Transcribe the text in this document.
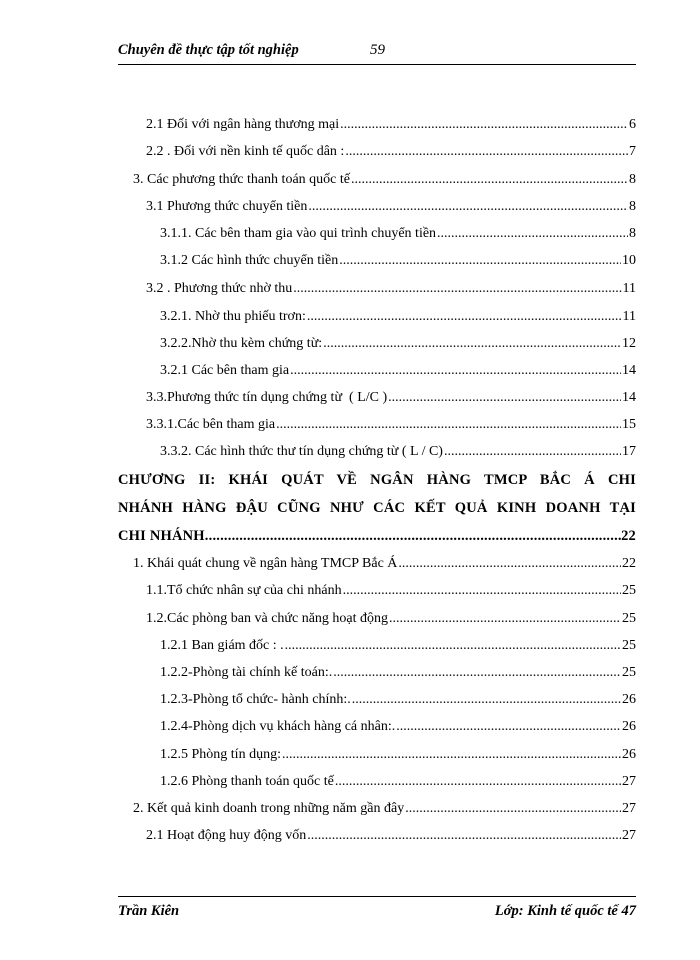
Chuyên đề thực tập tốt nghiệp	59
2.1 Đối với ngân hàng thương mại .....	6
2.2 . Đối với nền kinh tế quốc dân : .....	7
3. Các phương thức thanh toán quốc tế .....	8
3.1 Phương thức chuyển tiền .....	8
3.1.1. Các bên tham gia vào qui trình chuyển tiền .....	8
3.1.2 Các hình thức chuyển tiền .....	10
3.2 . Phương thức nhờ thu .....	11
3.2.1. Nhờ thu phiếu trơn: .....	11
3.2.2.Nhờ thu kèm chứng từ: .....	12
3.2.1 Các bên tham gia .....	14
3.3.Phương thức tín dụng chứng từ  ( L/C ) .....	14
3.3.1.Các bên tham gia .....	15
3.3.2. Các hình thức thư tín dụng chứng từ ( L / C) .....	17
CHƯƠNG II: KHÁI QUÁT VỀ NGÂN HÀNG TMCP BẮC Á CHI
NHÁNH HÀNG ĐẬU CŨNG NHƯ CÁC KẾT QUẢ KINH DOANH TẠI
CHI NHÁNH .....	22
1. Khái quát chung về ngân hàng TMCP Bắc Á .....	22
1.1.Tổ chức nhân sự của chi nhánh .....	25
1.2.Các phòng ban và chức năng hoạt động .....	25
1.2.1 Ban giám đốc : . .....	25
1.2.2-Phòng tài chính kế toán:. .....	25
1.2.3-Phòng tổ chức- hành chính:. .....	26
1.2.4-Phòng dịch vụ khách hàng cá nhân:. .....	26
1.2.5 Phòng tín dụng: .....	26
1.2.6 Phòng thanh toán quốc tế .....	27
2. Kết quả kinh doanh trong những năm gần đây .....	27
2.1 Hoạt động huy động vốn .....	27
Trần Kiên	Lớp: Kinh tế quốc tế 47
